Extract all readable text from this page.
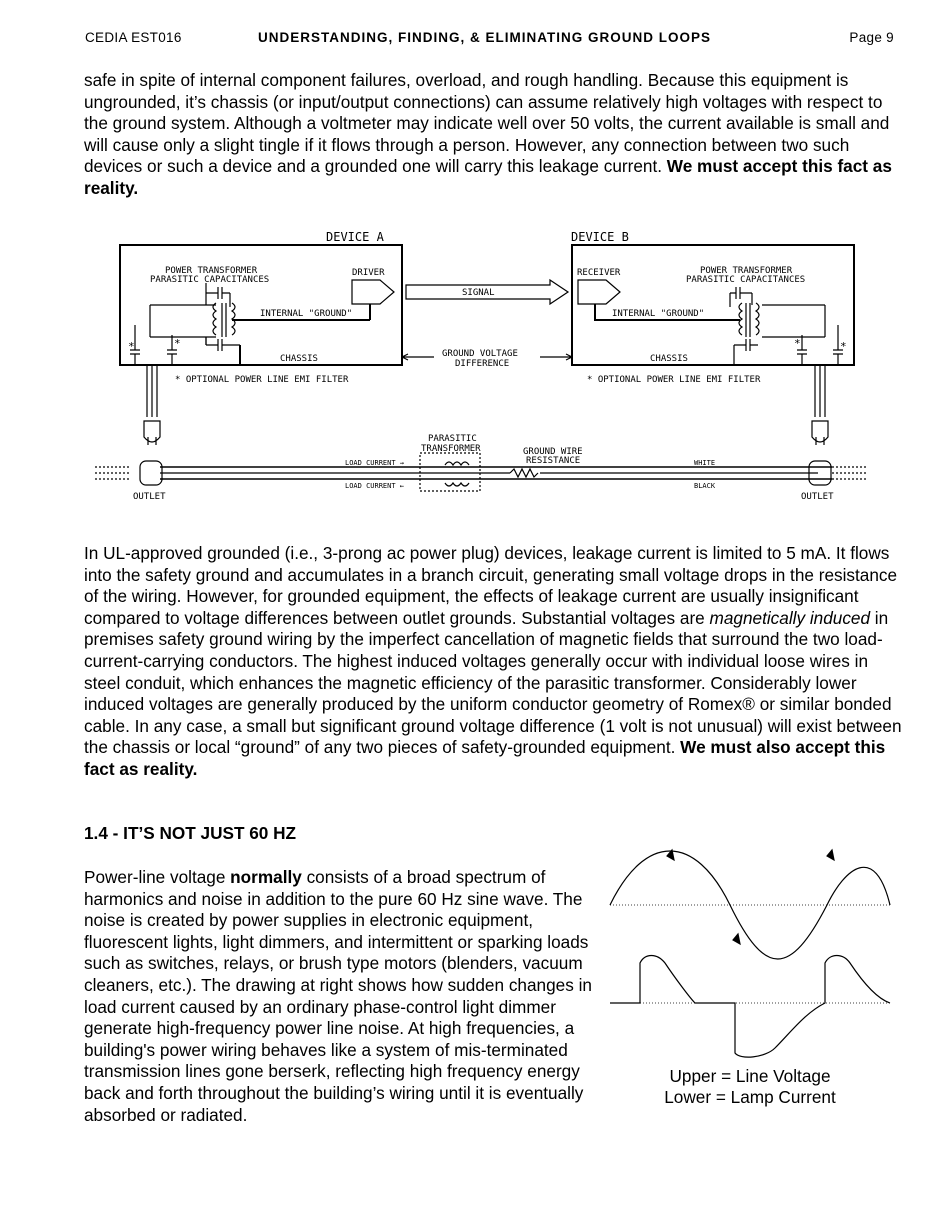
CEDIA EST016	UNDERSTANDING, FINDING, & ELIMINATING GROUND LOOPS	Page 9

safe in spite of internal component failures, overload, and rough handling. Because this equipment is ungrounded, it’s chassis (or input/output connections) can assume relatively high voltages with respect to the ground system. Although a voltmeter may indicate well over 50 volts, the current available is small and will cause only a slight tingle if it flows through a person. However, any connection between two such devices or such a device and a grounded one will carry this leakage current. We must accept this fact as reality.

DEVICE A
POWER TRANSFORMER
PARASITIC CAPACITANCES
DRIVER
INTERNAL "GROUND"
CHASSIS
*	*
* OPTIONAL POWER LINE EMI FILTER
SIGNAL
GROUND VOLTAGE
DIFFERENCE
DEVICE B
RECEIVER	POWER TRANSFORMER
PARASITIC CAPACITANCES
INTERNAL "GROUND"
CHASSIS
*	*
* OPTIONAL POWER LINE EMI FILTER
PARASITIC
TRANSFORMER	GROUND WIRE
RESISTANCE
LOAD CURRENT →
LOAD CURRENT ←
WHITE
BLACK
OUTLET	OUTLET

In UL-approved grounded (i.e., 3-prong ac power plug) devices, leakage current is limited to 5 mA. It flows into the safety ground and accumulates in a branch circuit, generating small voltage drops in the resistance of the wiring. However, for grounded equipment, the effects of leakage current are usually insignificant compared to voltage differences between outlet grounds. Substantial voltages are magnetically induced in premises safety ground wiring by the imperfect cancellation of magnetic fields that surround the two load-current-carrying conductors. The highest induced voltages generally occur with individual loose wires in steel conduit, which enhances the magnetic efficiency of the parasitic transformer. Considerably lower induced voltages are generally produced by the uniform conductor geometry of Romex® or similar bonded cable. In any case, a small but significant ground voltage difference (1 volt is not unusual) will exist between the chassis or local “ground” of any two pieces of safety-grounded equipment. We must also accept this fact as reality.

1.4 - IT’S NOT JUST 60 HZ

Power-line voltage normally consists of a broad spectrum of harmonics and noise in addition to the pure 60 Hz sine wave. The noise is created by power supplies in electronic equipment, fluorescent lights, light dimmers, and intermittent or sparking loads such as switches, relays, or brush type motors (blenders, vacuum cleaners, etc.). The drawing at right shows how sudden changes in load current caused by an ordinary phase-control light dimmer generate high-frequency power line noise. At high frequencies, a building's power wiring behaves like a system of mis-terminated transmission lines gone berserk, reflecting high frequency energy back and forth throughout the building’s wiring until it is eventually absorbed or radiated.

Upper = Line Voltage
Lower = Lamp Current
